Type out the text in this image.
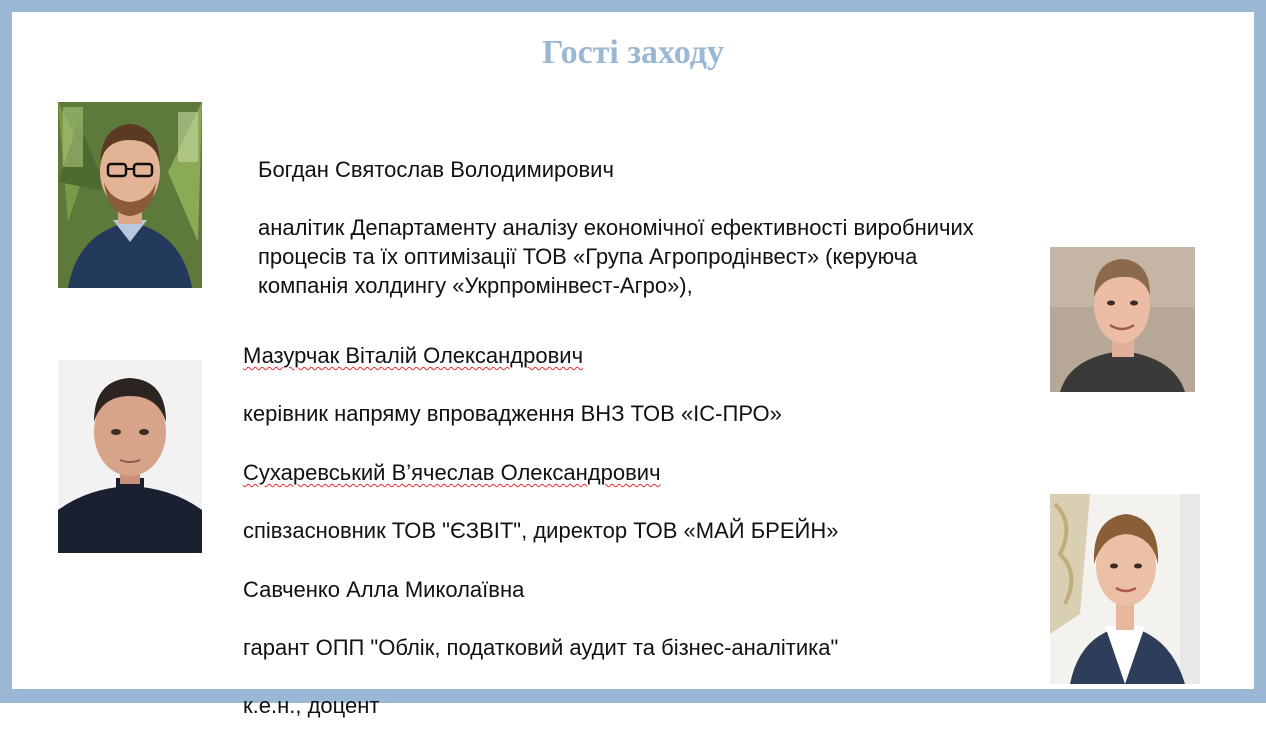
Гості заходу

Богдан Святослав Володимирович

аналітик Департаменту аналізу економічної ефективності виробничих процесів та їх оптимізації ТОВ «Група Агропродінвест» (керуюча компанія холдингу «Укрпромінвест-Агро»),

Мазурчак Віталій Олександрович

керівник напряму впровадження ВНЗ ТОВ «ІС-ПРО»

Сухаревський В’ячеслав Олександрович

співзасновник ТОВ "ЄЗВІТ", директор ТОВ «МАЙ БРЕЙН»

Савченко Алла Миколаївна

гарант ОПП "Облік, податковий аудит та бізнес-аналітика"

к.е.н., доцент
